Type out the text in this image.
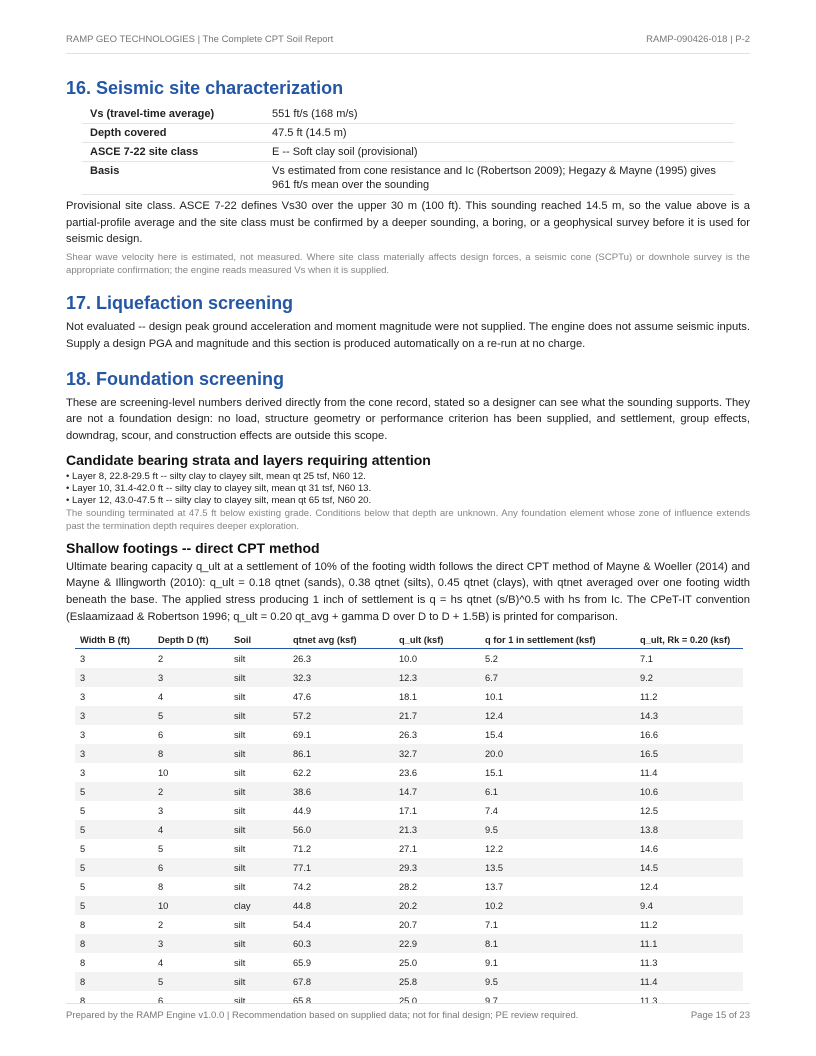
RAMP GEO TECHNOLOGIES | The Complete CPT Soil Report	RAMP-090426-018 | P-2
16. Seismic site characterization
Vs (travel-time average)	551 ft/s (168 m/s)
Depth covered	47.5 ft (14.5 m)
ASCE 7-22 site class	E -- Soft clay soil (provisional)
Basis	Vs estimated from cone resistance and Ic (Robertson 2009); Hegazy & Mayne (1995) gives 961 ft/s mean over the sounding

Provisional site class. ASCE 7-22 defines Vs30 over the upper 30 m (100 ft). This sounding reached 14.5 m, so the value above is a partial-profile average and the site class must be confirmed by a deeper sounding, a boring, or a geophysical survey before it is used for seismic design.

Shear wave velocity here is estimated, not measured. Where site class materially affects design forces, a seismic cone (SCPTu) or downhole survey is the appropriate confirmation; the engine reads measured Vs when it is supplied.

17. Liquefaction screening

Not evaluated -- design peak ground acceleration and moment magnitude were not supplied. The engine does not assume seismic inputs. Supply a design PGA and magnitude and this section is produced automatically on a re-run at no charge.

18. Foundation screening

These are screening-level numbers derived directly from the cone record, stated so a designer can see what the sounding supports. They are not a foundation design: no load, structure geometry or performance criterion has been supplied, and settlement, group effects, downdrag, scour, and construction effects are outside this scope.

Candidate bearing strata and layers requiring attention
• Layer 8, 22.8-29.5 ft -- silty clay to clayey silt, mean qt 25 tsf, N60 12.
• Layer 10, 31.4-42.0 ft -- silty clay to clayey silt, mean qt 31 tsf, N60 13.
• Layer 12, 43.0-47.5 ft -- silty clay to clayey silt, mean qt 65 tsf, N60 20.

The sounding terminated at 47.5 ft below existing grade. Conditions below that depth are unknown. Any foundation element whose zone of influence extends past the termination depth requires deeper exploration.

Shallow footings -- direct CPT method

Ultimate bearing capacity q_ult at a settlement of 10% of the footing width follows the direct CPT method of Mayne & Woeller (2014) and Mayne & Illingworth (2010): q_ult = 0.18 qtnet (sands), 0.38 qtnet (silts), 0.45 qtnet (clays), with qtnet averaged over one footing width beneath the base. The applied stress producing 1 inch of settlement is q = hs qtnet (s/B)^0.5 with hs from Ic. The CPeT-IT convention (Eslaamizaad & Robertson 1996; q_ult = 0.20 qt_avg + gamma D over D to D + 1.5B) is printed for comparison.

Width B (ft)	Depth D (ft)	Soil	qtnet avg (ksf)	q_ult (ksf)	q for 1 in settlement (ksf)	q_ult, Rk = 0.20 (ksf)
3	2	silt	26.3	10.0	5.2	7.1
3	3	silt	32.3	12.3	6.7	9.2
3	4	silt	47.6	18.1	10.1	11.2
3	5	silt	57.2	21.7	12.4	14.3
3	6	silt	69.1	26.3	15.4	16.6
3	8	silt	86.1	32.7	20.0	16.5
3	10	silt	62.2	23.6	15.1	11.4
5	2	silt	38.6	14.7	6.1	10.6
5	3	silt	44.9	17.1	7.4	12.5
5	4	silt	56.0	21.3	9.5	13.8
5	5	silt	71.2	27.1	12.2	14.6
5	6	silt	77.1	29.3	13.5	14.5
5	8	silt	74.2	28.2	13.7	12.4
5	10	clay	44.8	20.2	10.2	9.4
8	2	silt	54.4	20.7	7.1	11.2
8	3	silt	60.3	22.9	8.1	11.1
8	4	silt	65.9	25.0	9.1	11.3
8	5	silt	67.8	25.8	9.5	11.4
8	6	silt	65.8	25.0	9.7	11.3
Prepared by the RAMP Engine v1.0.0 | Recommendation based on supplied data; not for final design; PE review required.	Page 15 of 23
